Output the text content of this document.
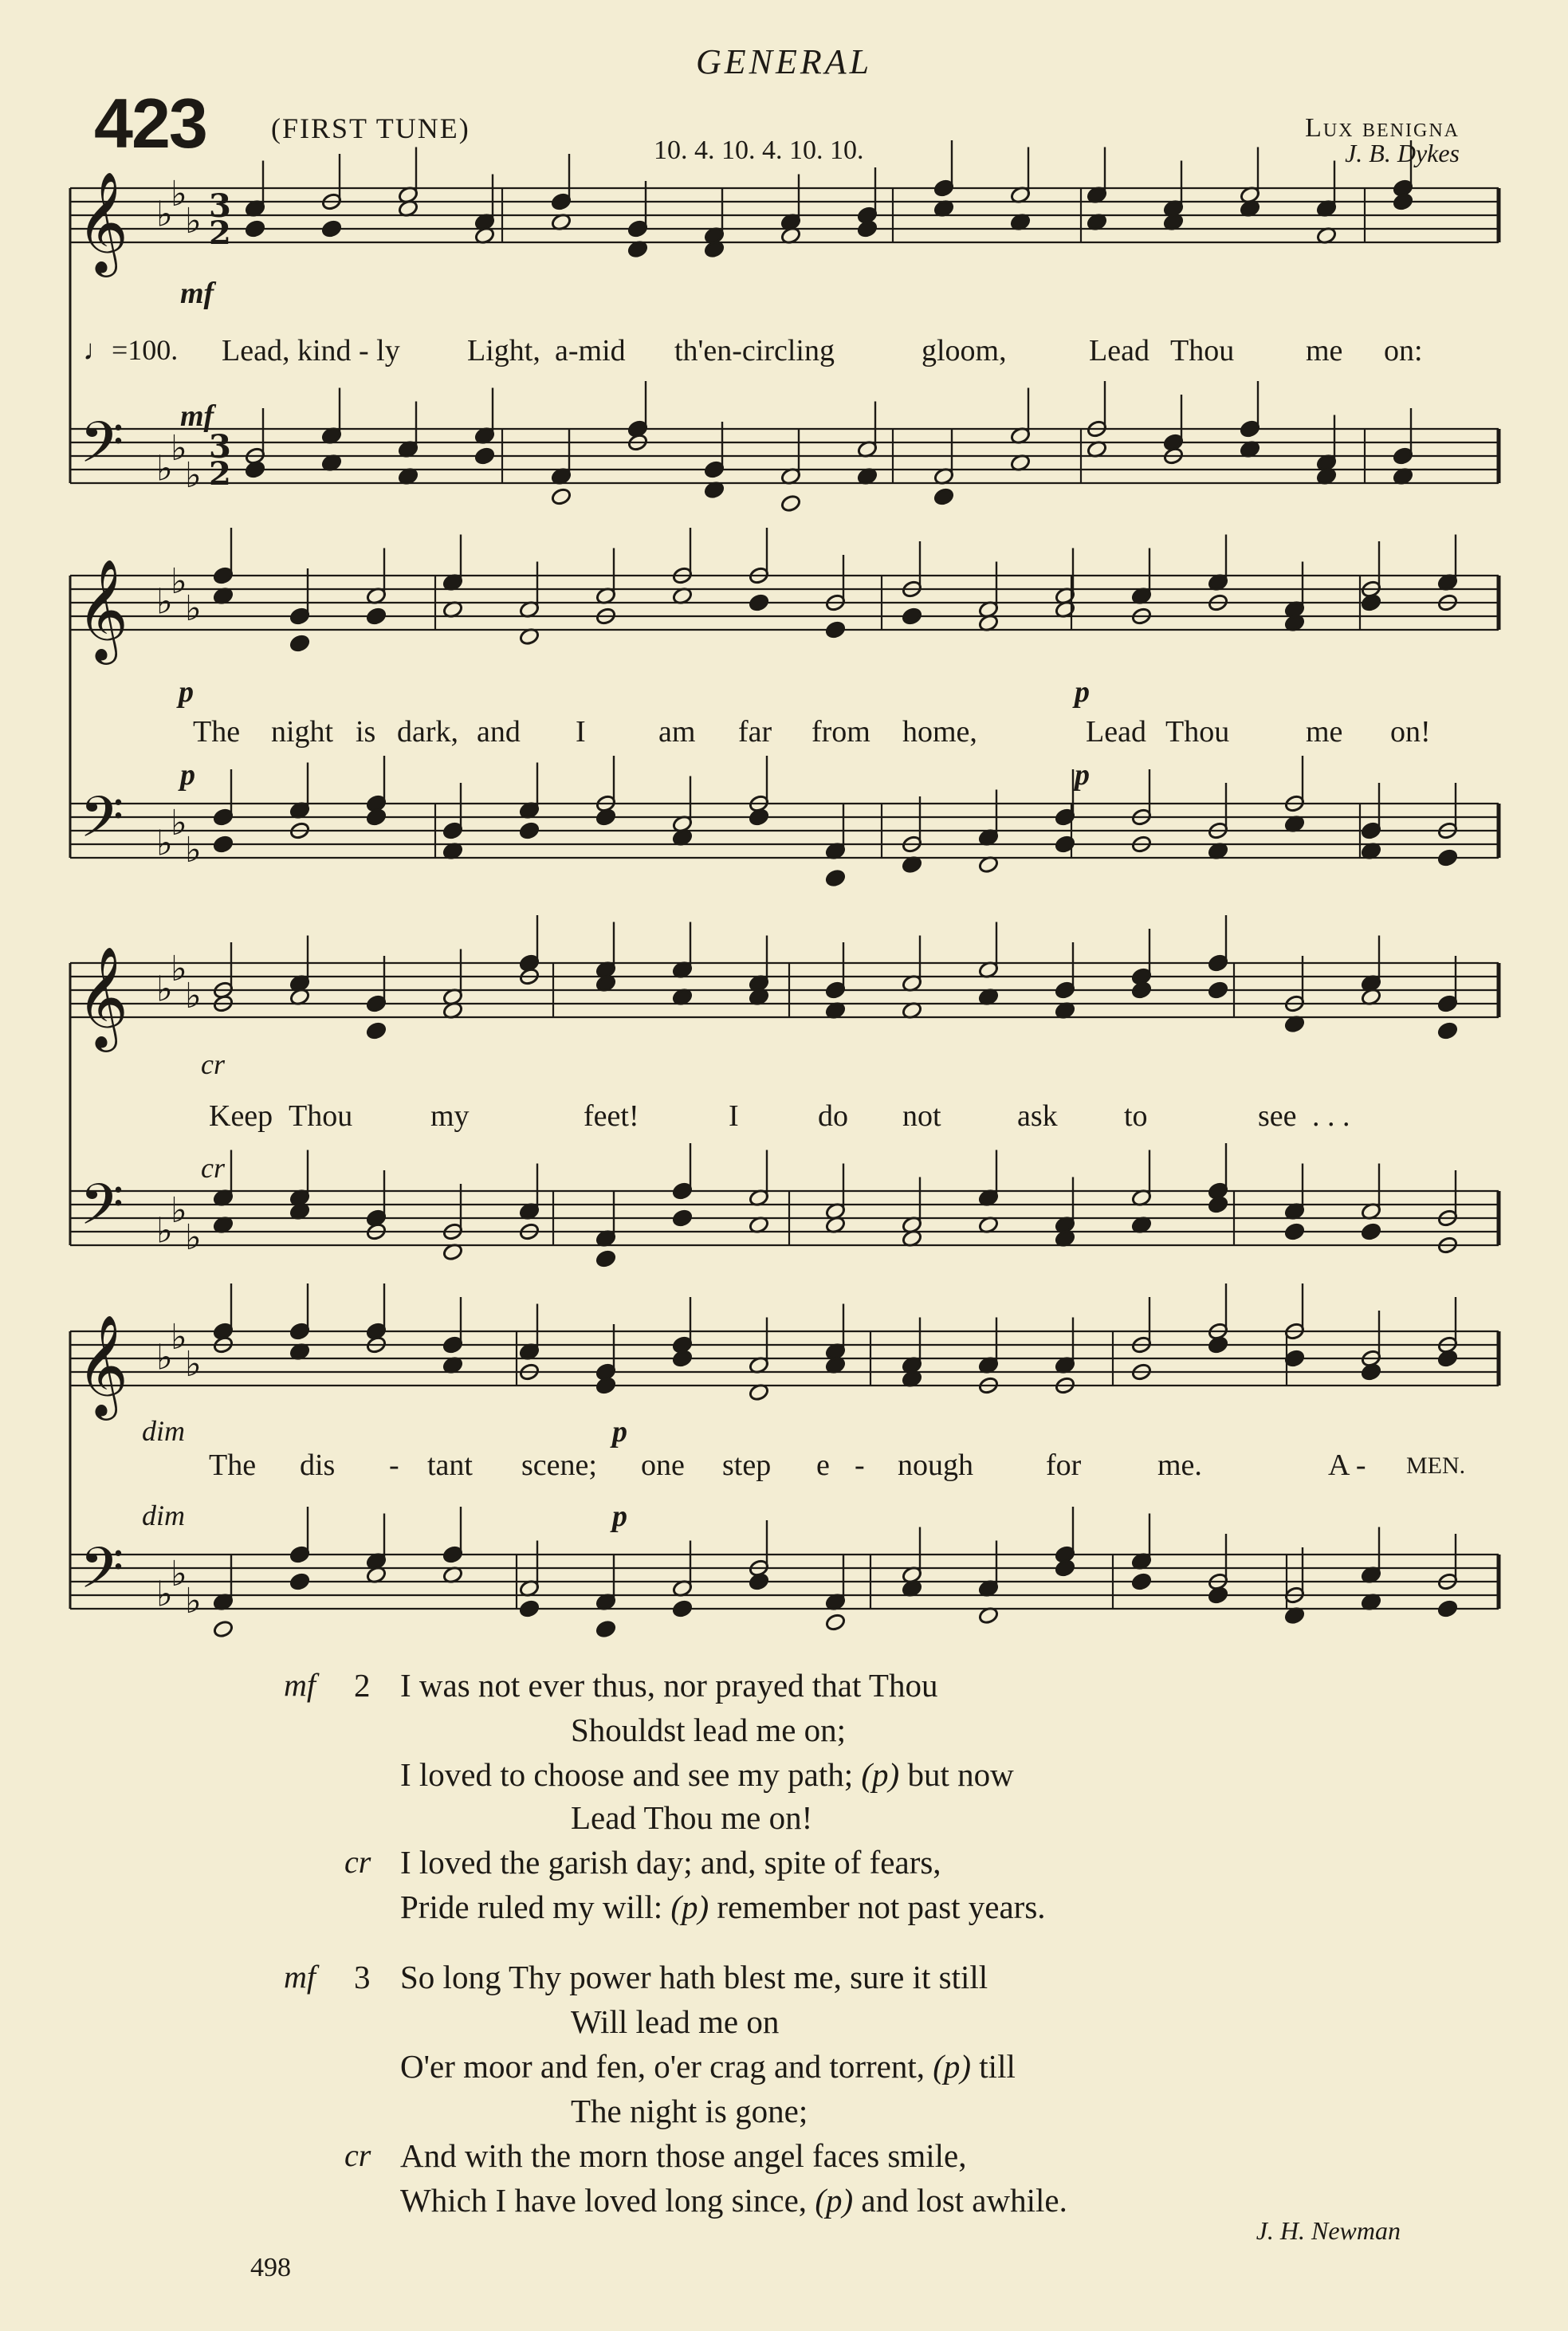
GENERAL
423 (FIRST TUNE)
10. 4. 10. 4. 10. 10.
Lux benigna
J. B. Dykes
𝄞
𝄢
♭
♭
♭
♭
♭
♭
3
3
2
2
𝄞
𝄢
♭
♭
♭
♭
♭
♭
𝄞
𝄢
♭
♭
♭
♭
♭
♭
𝄞
𝄢
♭
♭
♭
♭
♭
♭
♩=100.
mf
mf
p
p
p
p
cr
cr
dim	p
dim	p
Lead, kind - ly Light, a-mid th'en-circling	gloom,	Lead Thou me on:
The night is dark, and I am far from home,	Lead Thou	me on!
Keep Thou	my	feet!	I	do not	ask to	see . . .
The dis - tant scene; one step e - nough for	me.	A - MEN.
mf 2 I was not ever thus, nor prayed that Thou
Shouldst lead me on;
I loved to choose and see my path; (p) but now
Lead Thou me on!
cr I loved the garish day; and, spite of fears,
Pride ruled my will: (p) remember not past years.
mf 3 So long Thy power hath blest me, sure it still
Will lead me on
O'er moor and fen, o'er crag and torrent, (p) till
The night is gone;
cr And with the morn those angel faces smile,
Which I have loved long since, (p) and lost awhile.
J. H. Newman
498
